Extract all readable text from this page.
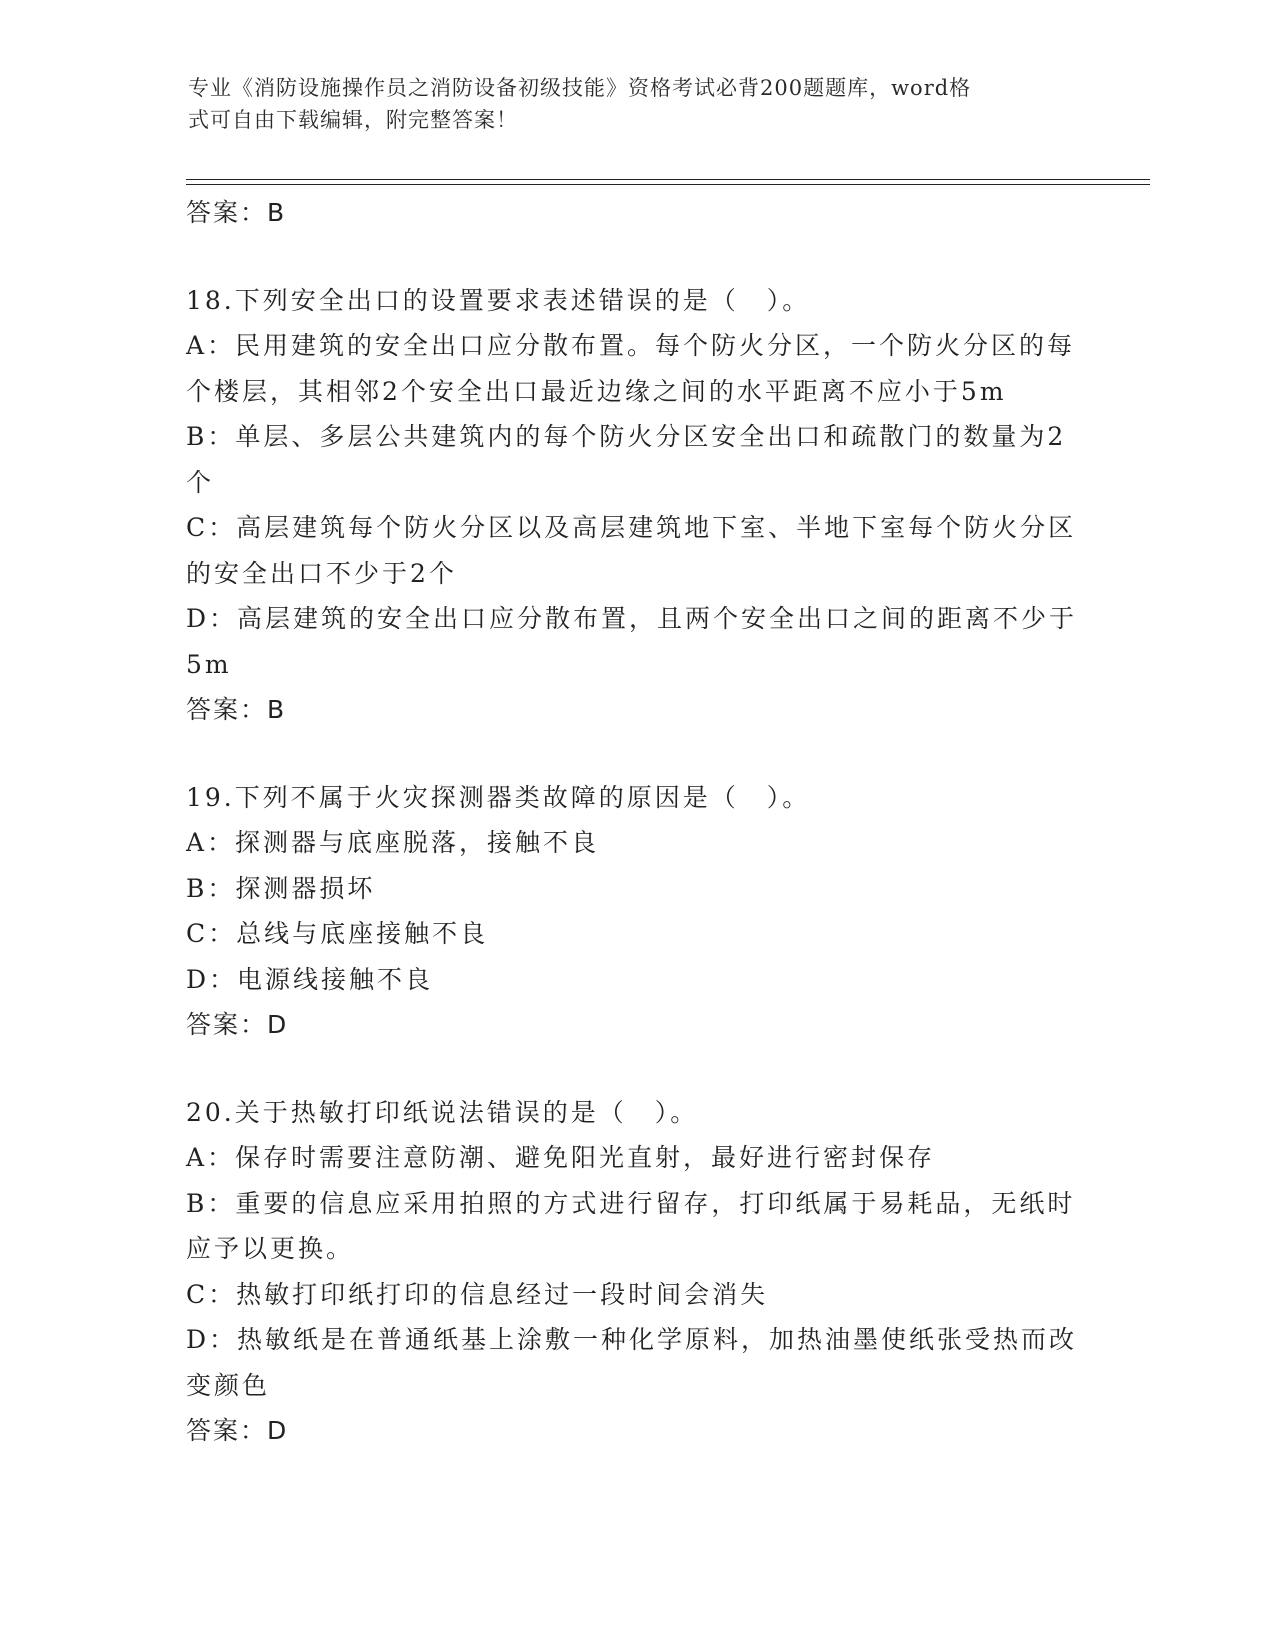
专业《消防设施操作员之消防设备初级技能》资格考试必背200题题库，word格

式可自由下载编辑，附完整答案！

答案：B

18.下列安全出口的设置要求表述错误的是（　）。

A：民用建筑的安全出口应分散布置。每个防火分区，一个防火分区的每个楼层，其相邻2个安全出口最近边缘之间的水平距离不应小于5m

B：单层、多层公共建筑内的每个防火分区安全出口和疏散门的数量为2个

C：高层建筑每个防火分区以及高层建筑地下室、半地下室每个防火分区的安全出口不少于2个

D：高层建筑的安全出口应分散布置，且两个安全出口之间的距离不少于5m

答案：B

19.下列不属于火灾探测器类故障的原因是（　）。

A：探测器与底座脱落，接触不良

B：探测器损坏

C：总线与底座接触不良

D：电源线接触不良

答案：D

20.关于热敏打印纸说法错误的是（　）。

A：保存时需要注意防潮、避免阳光直射，最好进行密封保存

B：重要的信息应采用拍照的方式进行留存，打印纸属于易耗品，无纸时应予以更换。

C：热敏打印纸打印的信息经过一段时间会消失

D：热敏纸是在普通纸基上涂敷一种化学原料，加热油墨使纸张受热而改变颜色

答案：D
